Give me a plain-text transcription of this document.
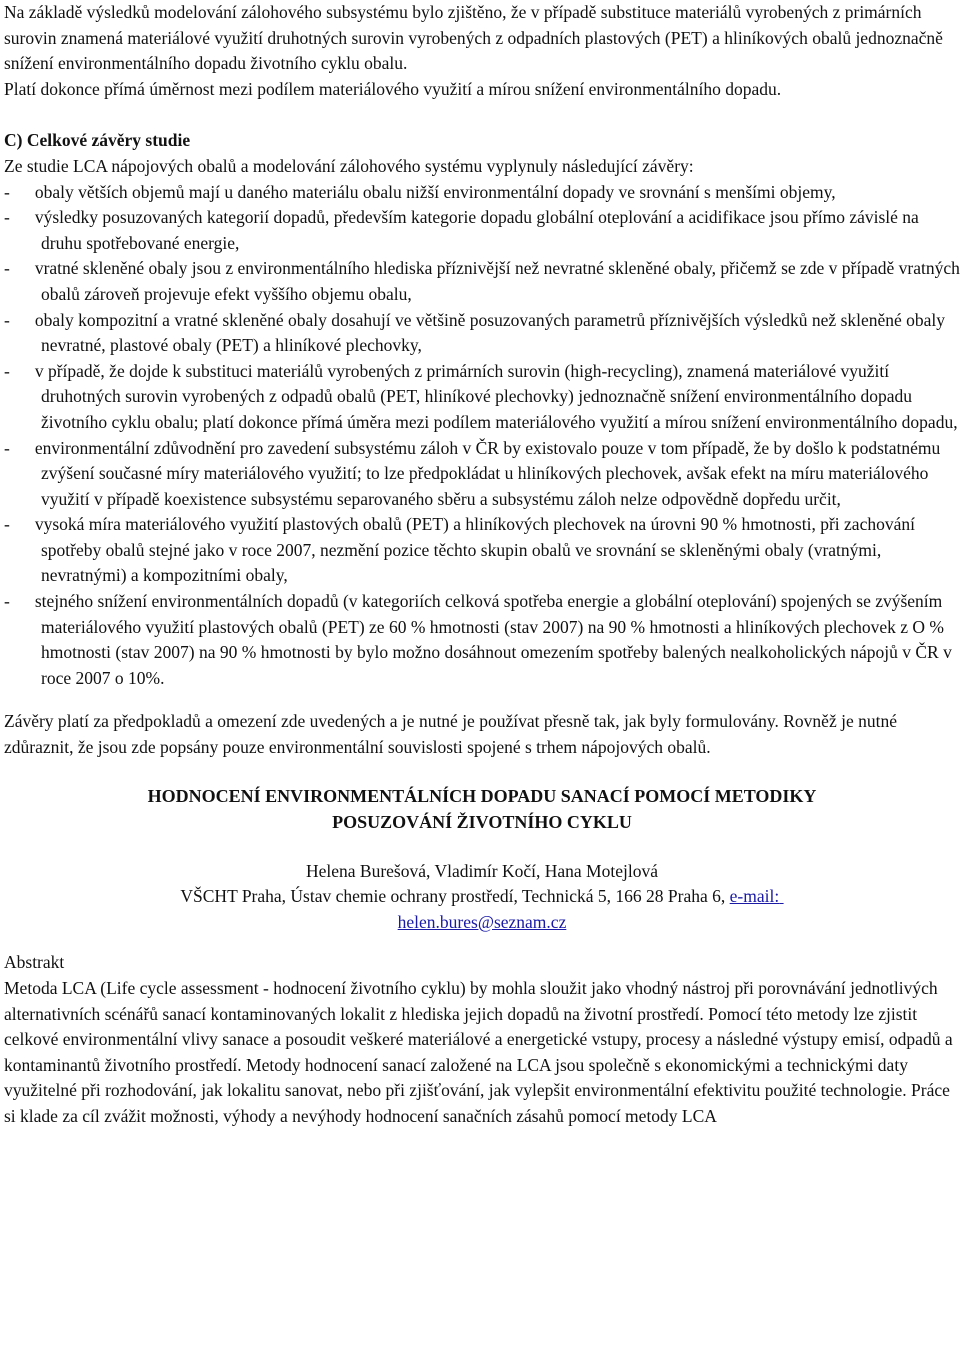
Na základě výsledků modelování zálohového subsystému bylo zjištěno, že v případě substituce materiálů vyrobených z primárních surovin znamená materiálové využití druhotných surovin vyrobených z odpadních plastových (PET) a hliníkových obalů jednoznačně snížení environmentálního dopadu životního cyklu obalu.

Platí dokonce přímá úměrnost mezi podílem materiálového využití a mírou snížení environmentálního dopadu.

C) Celkové závěry studie

Ze studie LCA nápojových obalů a modelování zálohového systému vyplynuly následující závěry:

- obaly větších objemů mají u daného materiálu obalu nižší environmentální dopady ve srovnání s menšími objemy,
- výsledky posuzovaných kategorií dopadů, především kategorie dopadu globální oteplování a acidifikace jsou přímo závislé na druhu spotřebované energie,
- vratné skleněné obaly jsou z environmentálního hlediska příznivější než nevratné skleněné obaly, přičemž se zde v případě vratných obalů zároveň projevuje efekt vyššího objemu obalu,
- obaly kompozitní a vratné skleněné obaly dosahují ve většině posuzovaných parametrů příznivějších výsledků než skleněné obaly nevratné, plastové obaly (PET) a hliníkové plechovky,
- v případě, že dojde k substituci materiálů vyrobených z primárních surovin (high-recycling), znamená materiálové využití druhotných surovin vyrobených z odpadů obalů (PET, hliníkové plechovky) jednoznačně snížení environmentálního dopadu životního cyklu obalu; platí dokonce přímá úměra mezi podílem materiálového využití a mírou snížení environmentálního dopadu,
- environmentální zdůvodnění pro zavedení subsystému záloh v ČR by existovalo pouze v tom případě, že by došlo k podstatnému zvýšení současné míry materiálového využití; to lze předpokládat u hliníkových plechovek, avšak efekt na míru materiálového využití v případě koexistence subsystému separovaného sběru a subsystému záloh nelze odpovědně dopředu určit,
- vysoká míra materiálového využití plastových obalů (PET) a hliníkových plechovek na úrovni 90 % hmotnosti, při zachování spotřeby obalů stejné jako v roce 2007, nezmění pozice těchto skupin obalů ve srovnání se skleněnými obaly (vratnými, nevratnými) a kompozitními obaly,
- stejného snížení environmentálních dopadů (v kategoriích celková spotřeba energie a globální oteplování) spojených se zvýšením materiálového využití plastových obalů (PET) ze 60 % hmotnosti (stav 2007) na 90 % hmotnosti a hliníkových plechovek z O % hmotnosti (stav 2007) na 90 % hmotnosti by bylo možno dosáhnout omezením spotřeby balených nealkoholických nápojů v ČR v roce 2007 o 10%.

Závěry platí za předpokladů a omezení zde uvedených a je nutné je používat přesně tak, jak byly formulovány. Rovněž je nutné zdůraznit, že jsou zde popsány pouze environmentální souvislosti spojené s trhem nápojových obalů.

HODNOCENÍ ENVIRONMENTÁLNÍCH DOPADU SANACÍ POMOCÍ METODIKY
POSUZOVÁNÍ ŽIVOTNÍHO CYKLU
Helena Burešová, Vladimír Kočí, Hana Motejlová
VŠCHT Praha, Ústav chemie ochrany prostředí, Technická 5, 166 28 Praha 6, e-mail:
helen.bures@seznam.cz

Abstrakt

Metoda LCA (Life cycle assessment - hodnocení životního cyklu) by mohla sloužit jako vhodný nástroj při porovnávání jednotlivých alternativních scénářů sanací kontaminovaných lokalit z hlediska jejich dopadů na životní prostředí. Pomocí této metody lze zjistit celkové environmentální vlivy sanace a posoudit veškeré materiálové a energetické vstupy, procesy a následné výstupy emisí, odpadů a kontaminantů životního prostředí. Metody hodnocení sanací založené na LCA jsou společně s ekonomickými a technickými daty využitelné při rozhodování, jak lokalitu sanovat, nebo při zjišťování, jak vylepšit environmentální efektivitu použité technologie. Práce si klade za cíl zvážit možnosti, výhody a nevýhody hodnocení sanačních zásahů pomocí metody LCA
